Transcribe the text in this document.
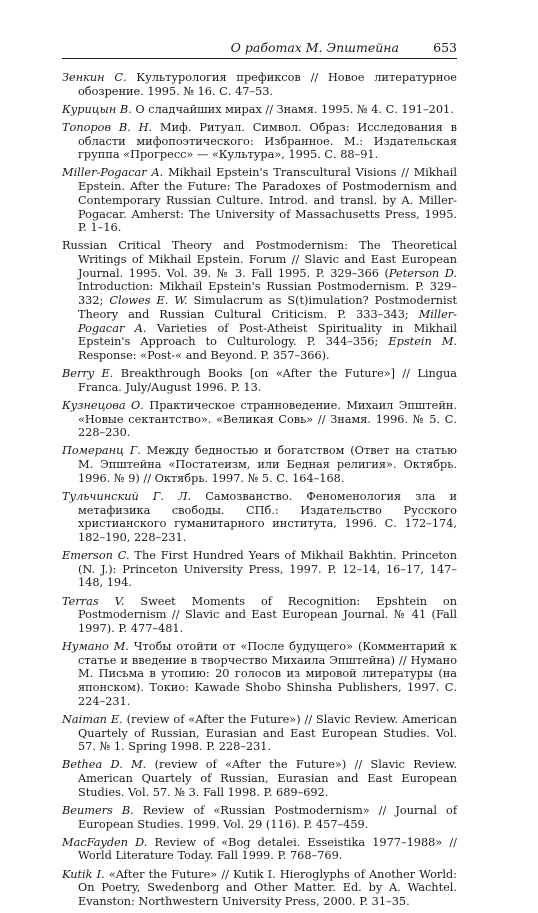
О работах М. Эпштейна	653

Зенкин С. Культурология префиксов // Новое литературное обозрение. 1995. № 16. С. 47–53.

Курицын В. О сладчайших мирах // Знамя. 1995. № 4. С. 191–201.

Топоров В. Н. Миф. Ритуал. Символ. Образ: Исследования в области мифопоэтического: Избранное. М.: Издательская группа «Прогресс» — «Культура», 1995. С. 88–91.

Miller-Pogacar A. Mikhail Epstein's Transcultural Visions // Mikhail Epstein. After the Future: The Paradoxes of Postmodernism and Contemporary Russian Culture. Introd. and transl. by A. Miller-Pogacar. Amherst: The University of Massachusetts Press, 1995. P. 1–16.

Russian Critical Theory and Postmodernism: The Theoretical Writings of Mikhail Epstein. Forum // Slavic and East European Journal. 1995. Vol. 39. № 3. Fall 1995. P. 329–366 (Peterson D. Introduction: Mikhail Epstein's Russian Postmodernism. P. 329–332; Clowes E. W. Simulacrum as S(t)imulation? Postmodernist Theory and Russian Cultural Criticism. P. 333–343; Miller-Pogacar A. Varieties of Post-Atheist Spirituality in Mikhail Epstein's Approach to Culturology. P. 344–356; Epstein M. Response: «Post-« and Beyond. P. 357–366).

Berry E. Breakthrough Books [on «After the Future»] // Lingua Franca. July/August 1996. P. 13.

Кузнецова О. Практическое странноведение. Михаил Эпштейн. «Новые сектантство». «Великая Совь» // Знамя. 1996. № 5. С. 228–230.

Померанц Г. Между бедностью и богатством (Ответ на статью М. Эпштейна «Постатеизм, или Бедная религия». Октябрь. 1996. № 9) // Октябрь. 1997. № 5. С. 164–168.

Тульчинский Г. Л. Самозванство. Феноменология зла и метафизика свободы. СПб.: Издательство Русского христианского гуманитарного института, 1996. С. 172–174, 182–190, 228–231.

Emerson C. The First Hundred Years of Mikhail Bakhtin. Princeton (N. J.): Princeton University Press, 1997. P. 12–14, 16–17, 147–148, 194.

Terras V. Sweet Moments of Recognition: Epshtein on Postmodernism // Slavic and East European Journal. № 41 (Fall 1997). P. 477–481.

Нумано М. Чтобы отойти от «После будущего» (Комментарий к статье и введение в творчество Михаила Эпштейна) // Нумано М. Письма в утопию: 20 голосов из мировой литературы (на японском). Токио: Kawade Shobo Shinsha Publishers, 1997. С. 224–231.

Naiman E. (review of «After the Future») // Slavic Review. American Quartely of Russian, Eurasian and East European Studies. Vol. 57. № 1. Spring 1998. P. 228–231.

Bethea D. M. (review of «After the Future») // Slavic Review. American Quartely of Russian, Eurasian and East European Studies. Vol. 57. № 3. Fall 1998. P. 689–692.

Beumers B. Review of «Russian Postmodernism» // Journal of European Studies. 1999. Vol. 29 (116). P. 457–459.

MacFayden D. Review of «Bog detalei. Esseistika 1977–1988» // World Literature Today. Fall 1999. P. 768–769.

Kutik I. «After the Future» // Kutik I. Hieroglyphs of Another World: On Poetry, Swedenborg and Other Matter. Ed. by A. Wachtel. Evanston: Northwestern University Press, 2000. P. 31–35.
